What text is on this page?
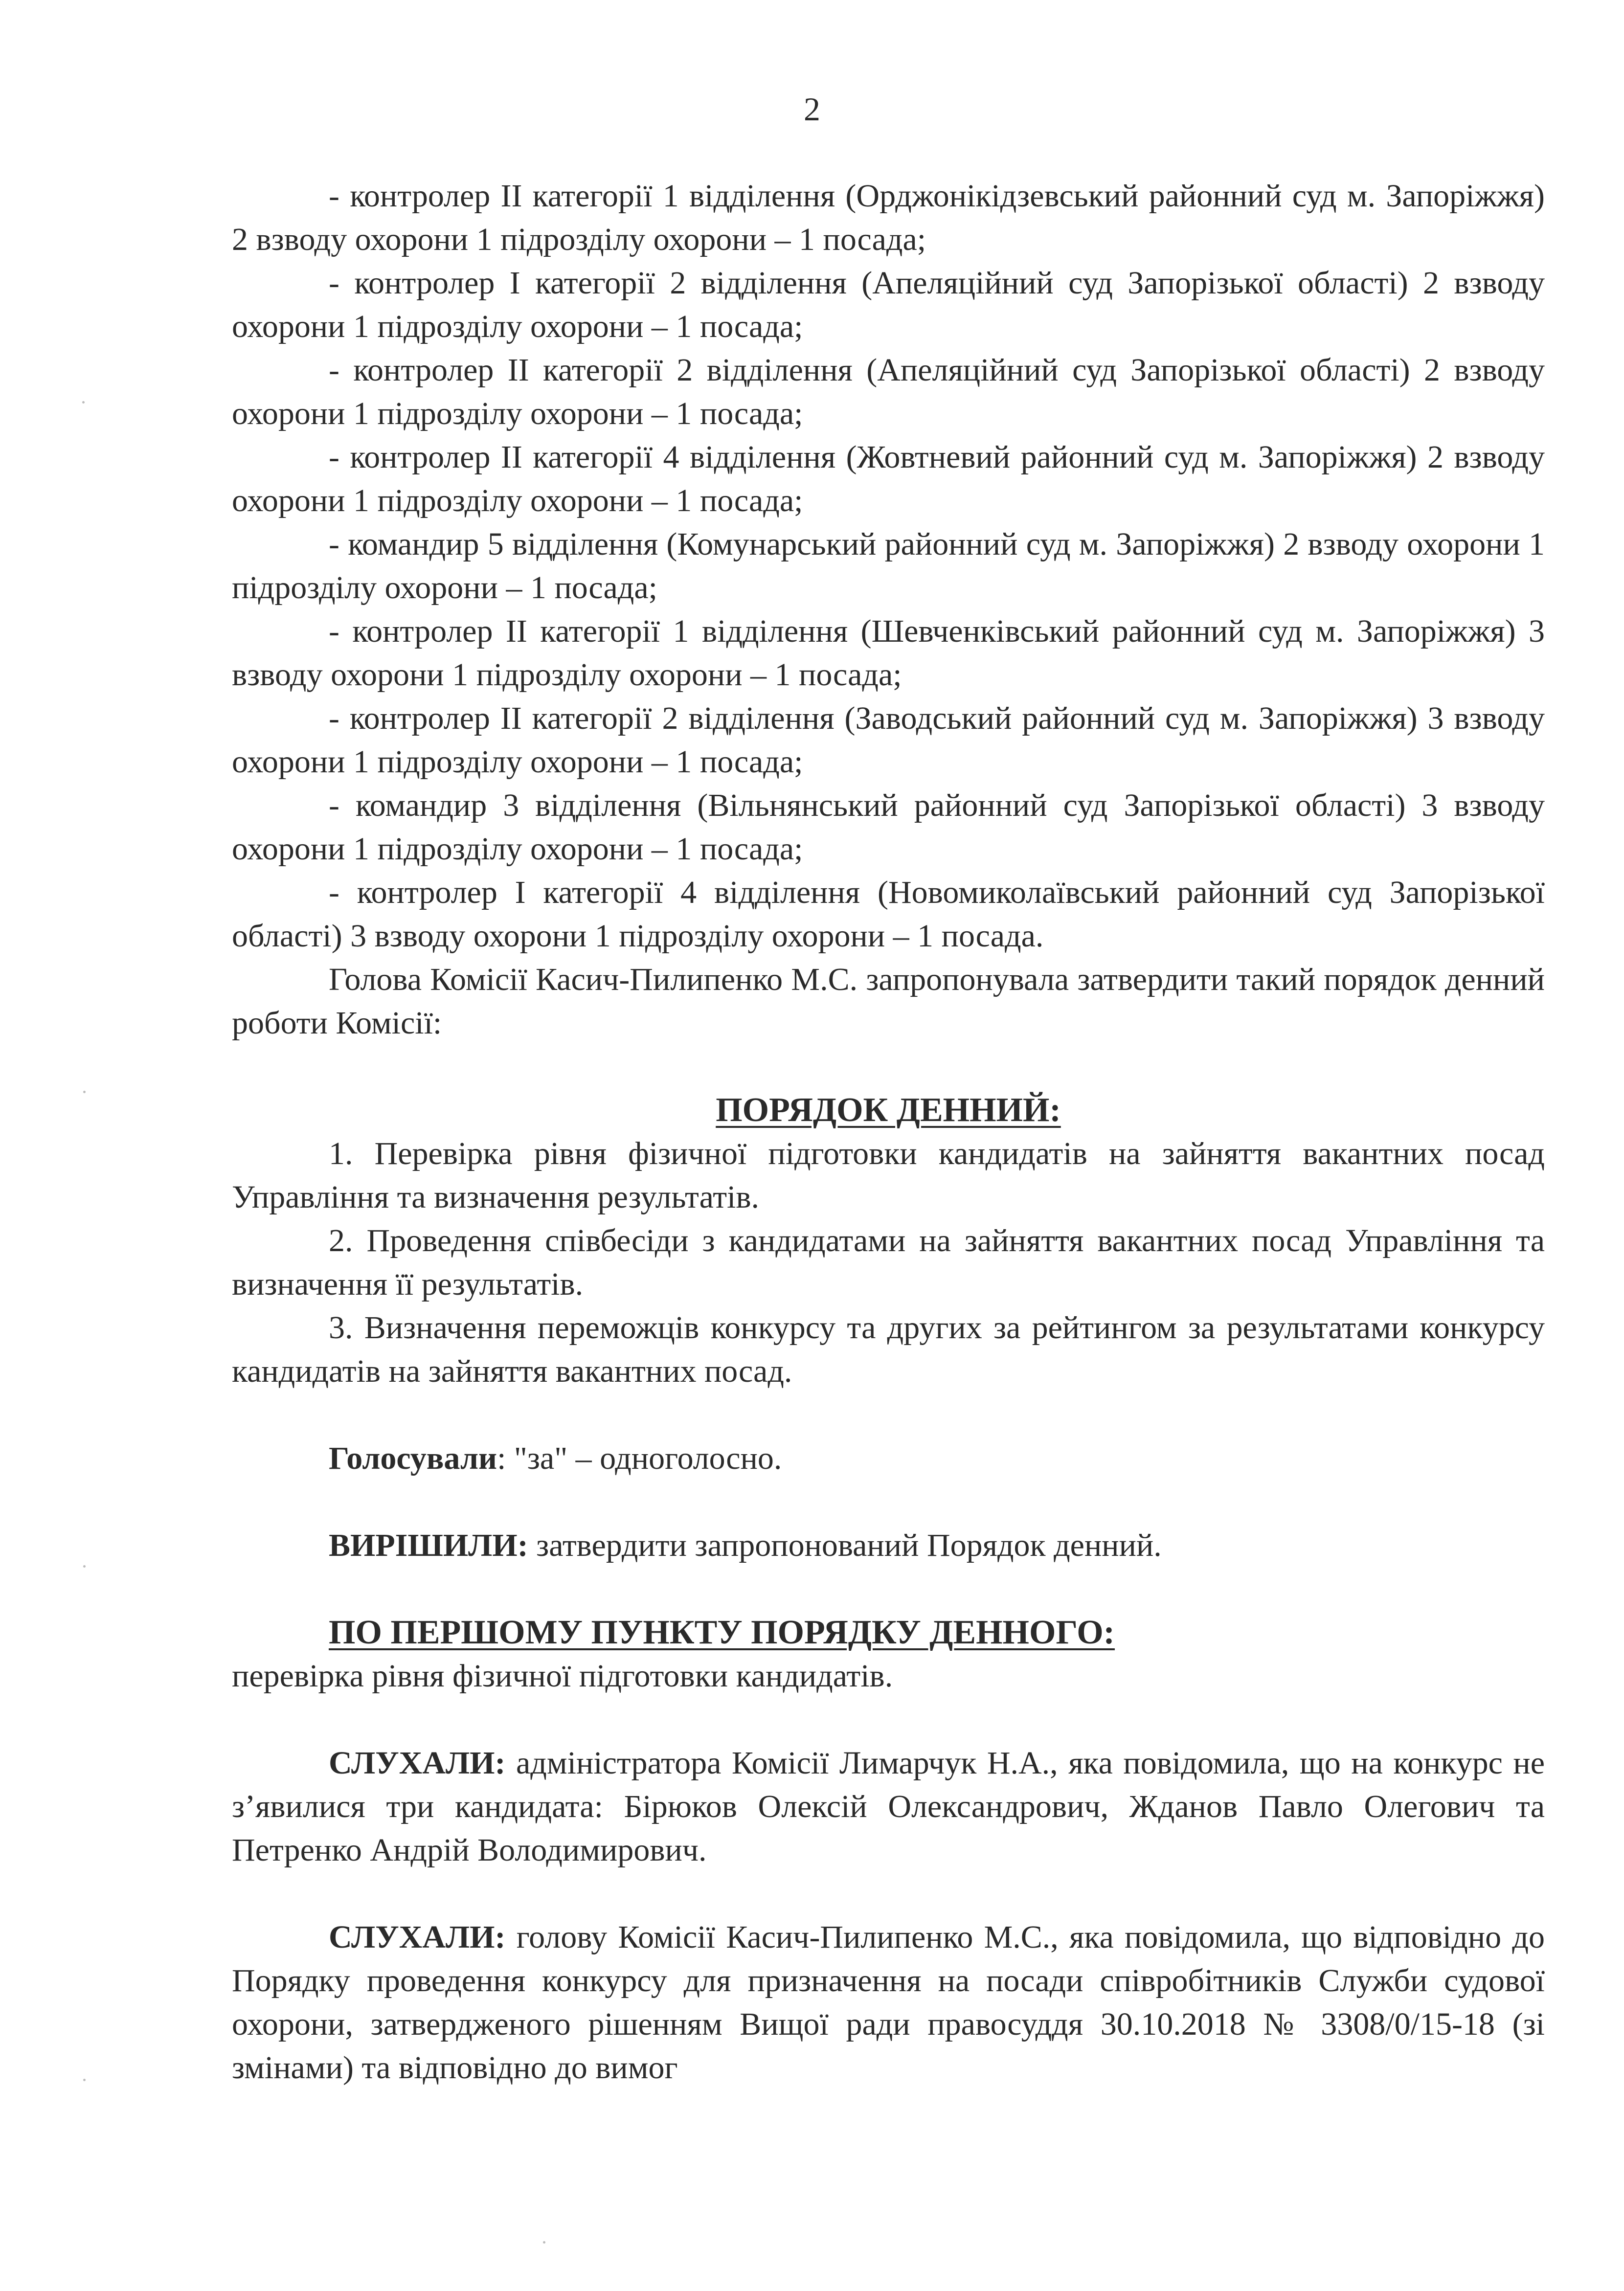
2

- контролер II категорії 1 відділення (Орджонікідзевський районний суд м. Запоріжжя) 2 взводу охорони 1 підрозділу охорони – 1 посада;

- контролер I категорії 2 відділення (Апеляційний суд Запорізької області) 2 взводу охорони 1 підрозділу охорони – 1 посада;

- контролер II категорії 2 відділення (Апеляційний суд Запорізької області) 2 взводу охорони 1 підрозділу охорони – 1 посада;

- контролер II категорії 4 відділення (Жовтневий районний суд м. Запоріжжя) 2 взводу охорони 1 підрозділу охорони – 1 посада;

- командир 5 відділення (Комунарський районний суд м. Запоріжжя) 2 взводу охорони 1 підрозділу охорони – 1 посада;

- контролер II категорії 1 відділення (Шевченківський районний суд м. Запоріжжя) 3 взводу охорони 1 підрозділу охорони – 1 посада;

- контролер II категорії 2 відділення (Заводський районний суд м. Запоріжжя) 3 взводу охорони 1 підрозділу охорони – 1 посада;

- командир 3 відділення (Вільнянський районний суд Запорізької області) 3 взводу охорони 1 підрозділу охорони – 1 посада;

- контролер I категорії 4 відділення (Новомиколаївський районний суд Запорізької області) 3 взводу охорони 1 підрозділу охорони – 1 посада.

Голова Комісії Касич-Пилипенко М.С. запропонувала затвердити такий порядок денний роботи Комісії:

ПОРЯДОК ДЕННИЙ:

1. Перевірка рівня фізичної підготовки кандидатів на зайняття вакантних посад Управління та визначення результатів.

2. Проведення співбесіди з кандидатами на зайняття вакантних посад Управління та визначення її результатів.

3. Визначення переможців конкурсу та других за рейтингом за результатами конкурсу кандидатів на зайняття вакантних посад.

Голосували: "за" – одноголосно.

ВИРІШИЛИ: затвердити запропонований Порядок денний.

ПО ПЕРШОМУ ПУНКТУ ПОРЯДКУ ДЕННОГО:

перевірка рівня фізичної підготовки кандидатів.

СЛУХАЛИ: адміністратора Комісії Лимарчук Н.А., яка повідомила, що на конкурс не з’явилися три кандидата: Бірюков Олексій Олександрович, Жданов Павло Олегович та Петренко Андрій Володимирович.

СЛУХАЛИ: голову Комісії Касич-Пилипенко М.С., яка повідомила, що відповідно до Порядку проведення конкурсу для призначення на посади співробітників Служби судової охорони, затвердженого рішенням Вищої ради правосуддя 30.10.2018 № 3308/0/15-18 (зі змінами) та відповідно до вимог
